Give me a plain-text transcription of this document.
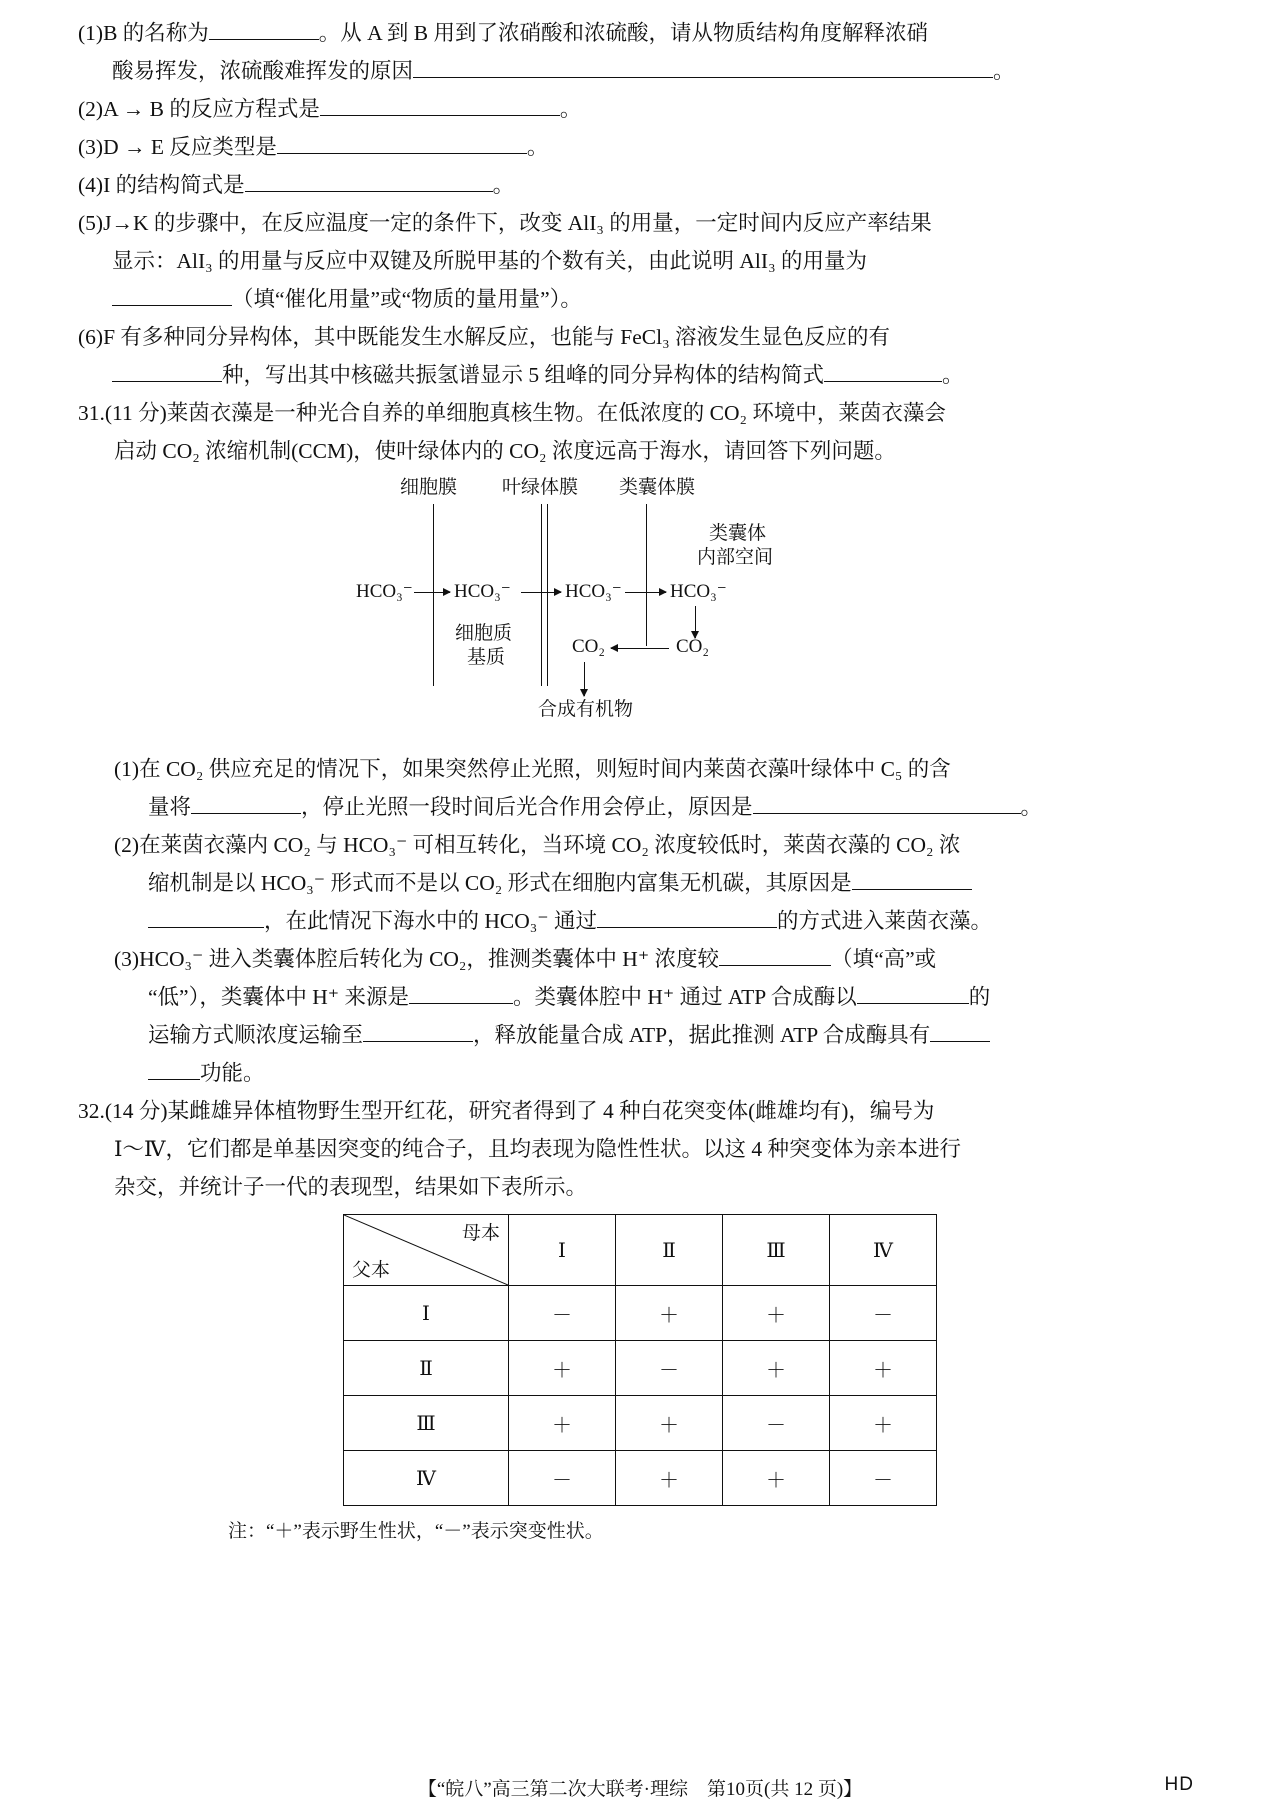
(1)B 的名称为	。从 A 到 B 用到了浓硝酸和浓硫酸，请从物质结构角度解释浓硝
酸易挥发，浓硫酸难挥发的原因	。
(2)A → B 的反应方程式是	。
(3)D → E 反应类型是	。
(4)I 的结构简式是	。
(5)J→K 的步骤中，在反应温度一定的条件下，改变 AlI₃ 的用量，一定时间内反应产率结果
显示：AlI₃ 的用量与反应中双键及所脱甲基的个数有关，由此说明 AlI₃ 的用量为
（填“催化用量”或“物质的量用量”）。
(6)F 有多种同分异构体，其中既能发生水解反应，也能与 FeCl₃ 溶液发生显色反应的有
种，写出其中核磁共振氢谱显示 5 组峰的同分异构体的结构简式	。
31.(11 分)莱茵衣藻是一种光合自养的单细胞真核生物。在低浓度的 CO₂ 环境中，莱茵衣藻会
启动 CO₂ 浓缩机制(CCM)，使叶绿体内的 CO₂ 浓度远高于海水，请回答下列问题。
细胞膜 叶绿体膜 类囊体膜
类囊体
内部空间
HCO₃⁻ HCO₃⁻	HCO₃⁻	HCO₃⁻
细胞质
基质
CO₂
CO₂
合成有机物
(1)在 CO₂ 供应充足的情况下，如果突然停止光照，则短时间内莱茵衣藻叶绿体中 C₅ 的含
量将	，停止光照一段时间后光合作用会停止，原因是	。
(2)在莱茵衣藻内 CO₂ 与 HCO₃⁻ 可相互转化，当环境 CO₂ 浓度较低时，莱茵衣藻的 CO₂ 浓
缩机制是以 HCO₃⁻ 形式而不是以 CO₂ 形式在细胞内富集无机碳，其原因是
，在此情况下海水中的 HCO₃⁻ 通过	的方式进入莱茵衣藻。
(3)HCO₃⁻ 进入类囊体腔后转化为 CO₂，推测类囊体中 H⁺ 浓度较	（填“高”或
“低”），类囊体中 H⁺ 来源是	。类囊体腔中 H⁺ 通过 ATP 合成酶以	的
运输方式顺浓度运输至	，释放能量合成 ATP，据此推测 ATP 合成酶具有
功能。
32.(14 分)某雌雄异体植物野生型开红花，研究者得到了 4 种白花突变体(雌雄均有)，编号为
Ⅰ～Ⅳ，它们都是单基因突变的纯合子，且均表现为隐性性状。以这 4 种突变体为亲本进行
杂交，并统计子一代的表现型，结果如下表所示。
母本
父本	Ⅰ	Ⅱ	Ⅲ	Ⅳ
Ⅰ	－	＋	＋	－
Ⅱ	＋	－	＋	＋
Ⅲ	＋	＋	－	＋
Ⅳ	－	＋	＋	－
注：“＋”表示野生性状，“－”表示突变性状。
【“皖八”高三第二次大联考·理综　第10页(共 12 页)】	HD
